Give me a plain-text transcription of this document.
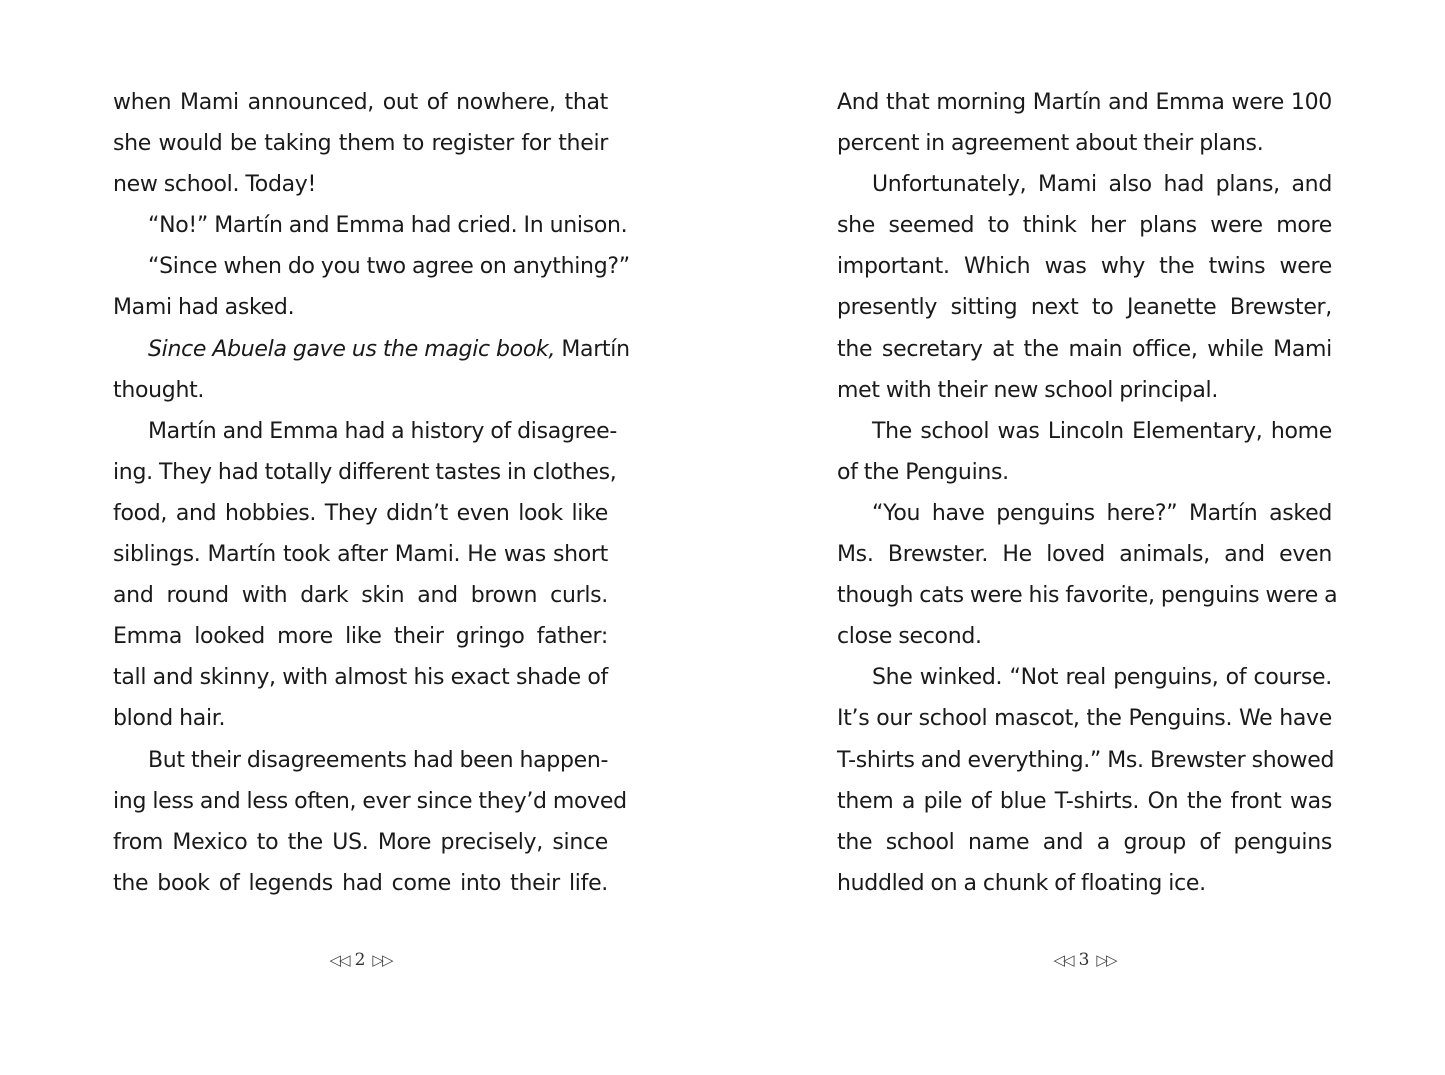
when Mami announced, out of nowhere, that
she would be taking them to register for their
new school. Today!
“No!” Martín and Emma had cried. In unison.
“Since when do you two agree on anything?”
Mami had asked.
Since Abuela gave us the magic book, Martín
thought.
Martín and Emma had a history of disagree-
ing. They had totally different tastes in clothes,
food, and hobbies. They didn’t even look like
siblings. Martín took after Mami. He was short
and round with dark skin and brown curls.
Emma looked more like their gringo father:
tall and skinny, with almost his exact shade of
blond hair.
But their disagreements had been happen-
ing less and less often, ever since they’d moved
from Mexico to the US. More precisely, since
the book of legends had come into their life.
◁◁ 2 ▷▷
And that morning Martín and Emma were 100
percent in agreement about their plans.
Unfortunately, Mami also had plans, and
she seemed to think her plans were more
important. Which was why the twins were
presently sitting next to Jeanette Brewster,
the secretary at the main office, while Mami
met with their new school principal.
The school was Lincoln Elementary, home
of the Penguins.
“You have penguins here?” Martín asked
Ms. Brewster. He loved animals, and even
though cats were his favorite, penguins were a
close second.
She winked. “Not real penguins, of course.
It’s our school mascot, the Penguins. We have
T-shirts and everything.” Ms. Brewster showed
them a pile of blue T-shirts. On the front was
the school name and a group of penguins
huddled on a chunk of floating ice.
◁◁ 3 ▷▷
